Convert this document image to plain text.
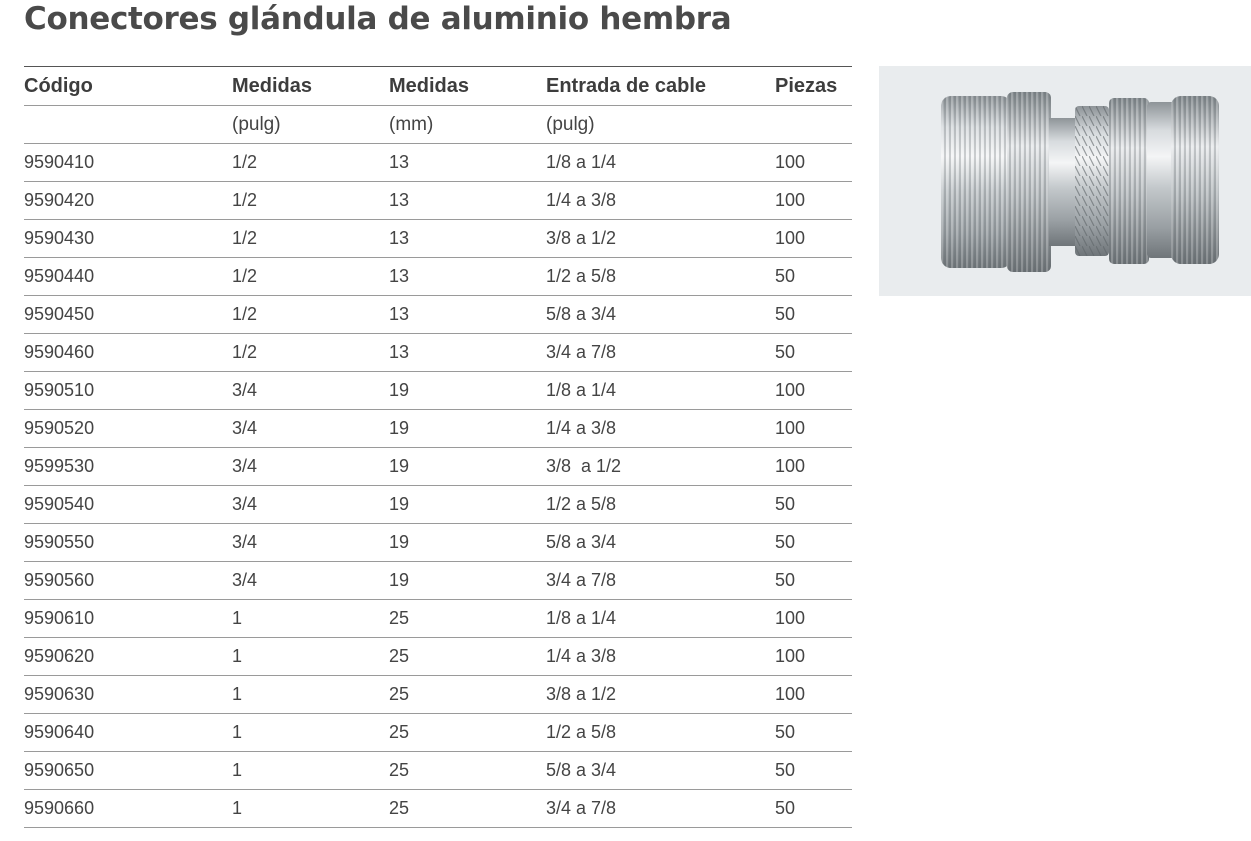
Conectores glándula de aluminio hembra
Código	Medidas	Medidas	Entrada de cable	Piezas
	(pulg)	(mm)	(pulg)	
9590410	1/2	13	1/8 a 1/4	100
9590420	1/2	13	1/4 a 3/8	100
9590430	1/2	13	3/8 a 1/2	100
9590440	1/2	13	1/2 a 5/8	50
9590450	1/2	13	5/8 a 3/4	50
9590460	1/2	13	3/4 a 7/8	50
9590510	3/4	19	1/8 a 1/4	100
9590520	3/4	19	1/4 a 3/8	100
9599530	3/4	19	3/8  a 1/2	100
9590540	3/4	19	1/2 a 5/8	50
9590550	3/4	19	5/8 a 3/4	50
9590560	3/4	19	3/4 a 7/8	50
9590610	1	25	1/8 a 1/4	100
9590620	1	25	1/4 a 3/8	100
9590630	1	25	3/8 a 1/2	100
9590640	1	25	1/2 a 5/8	50
9590650	1	25	5/8 a 3/4	50
9590660	1	25	3/4 a 7/8	50
